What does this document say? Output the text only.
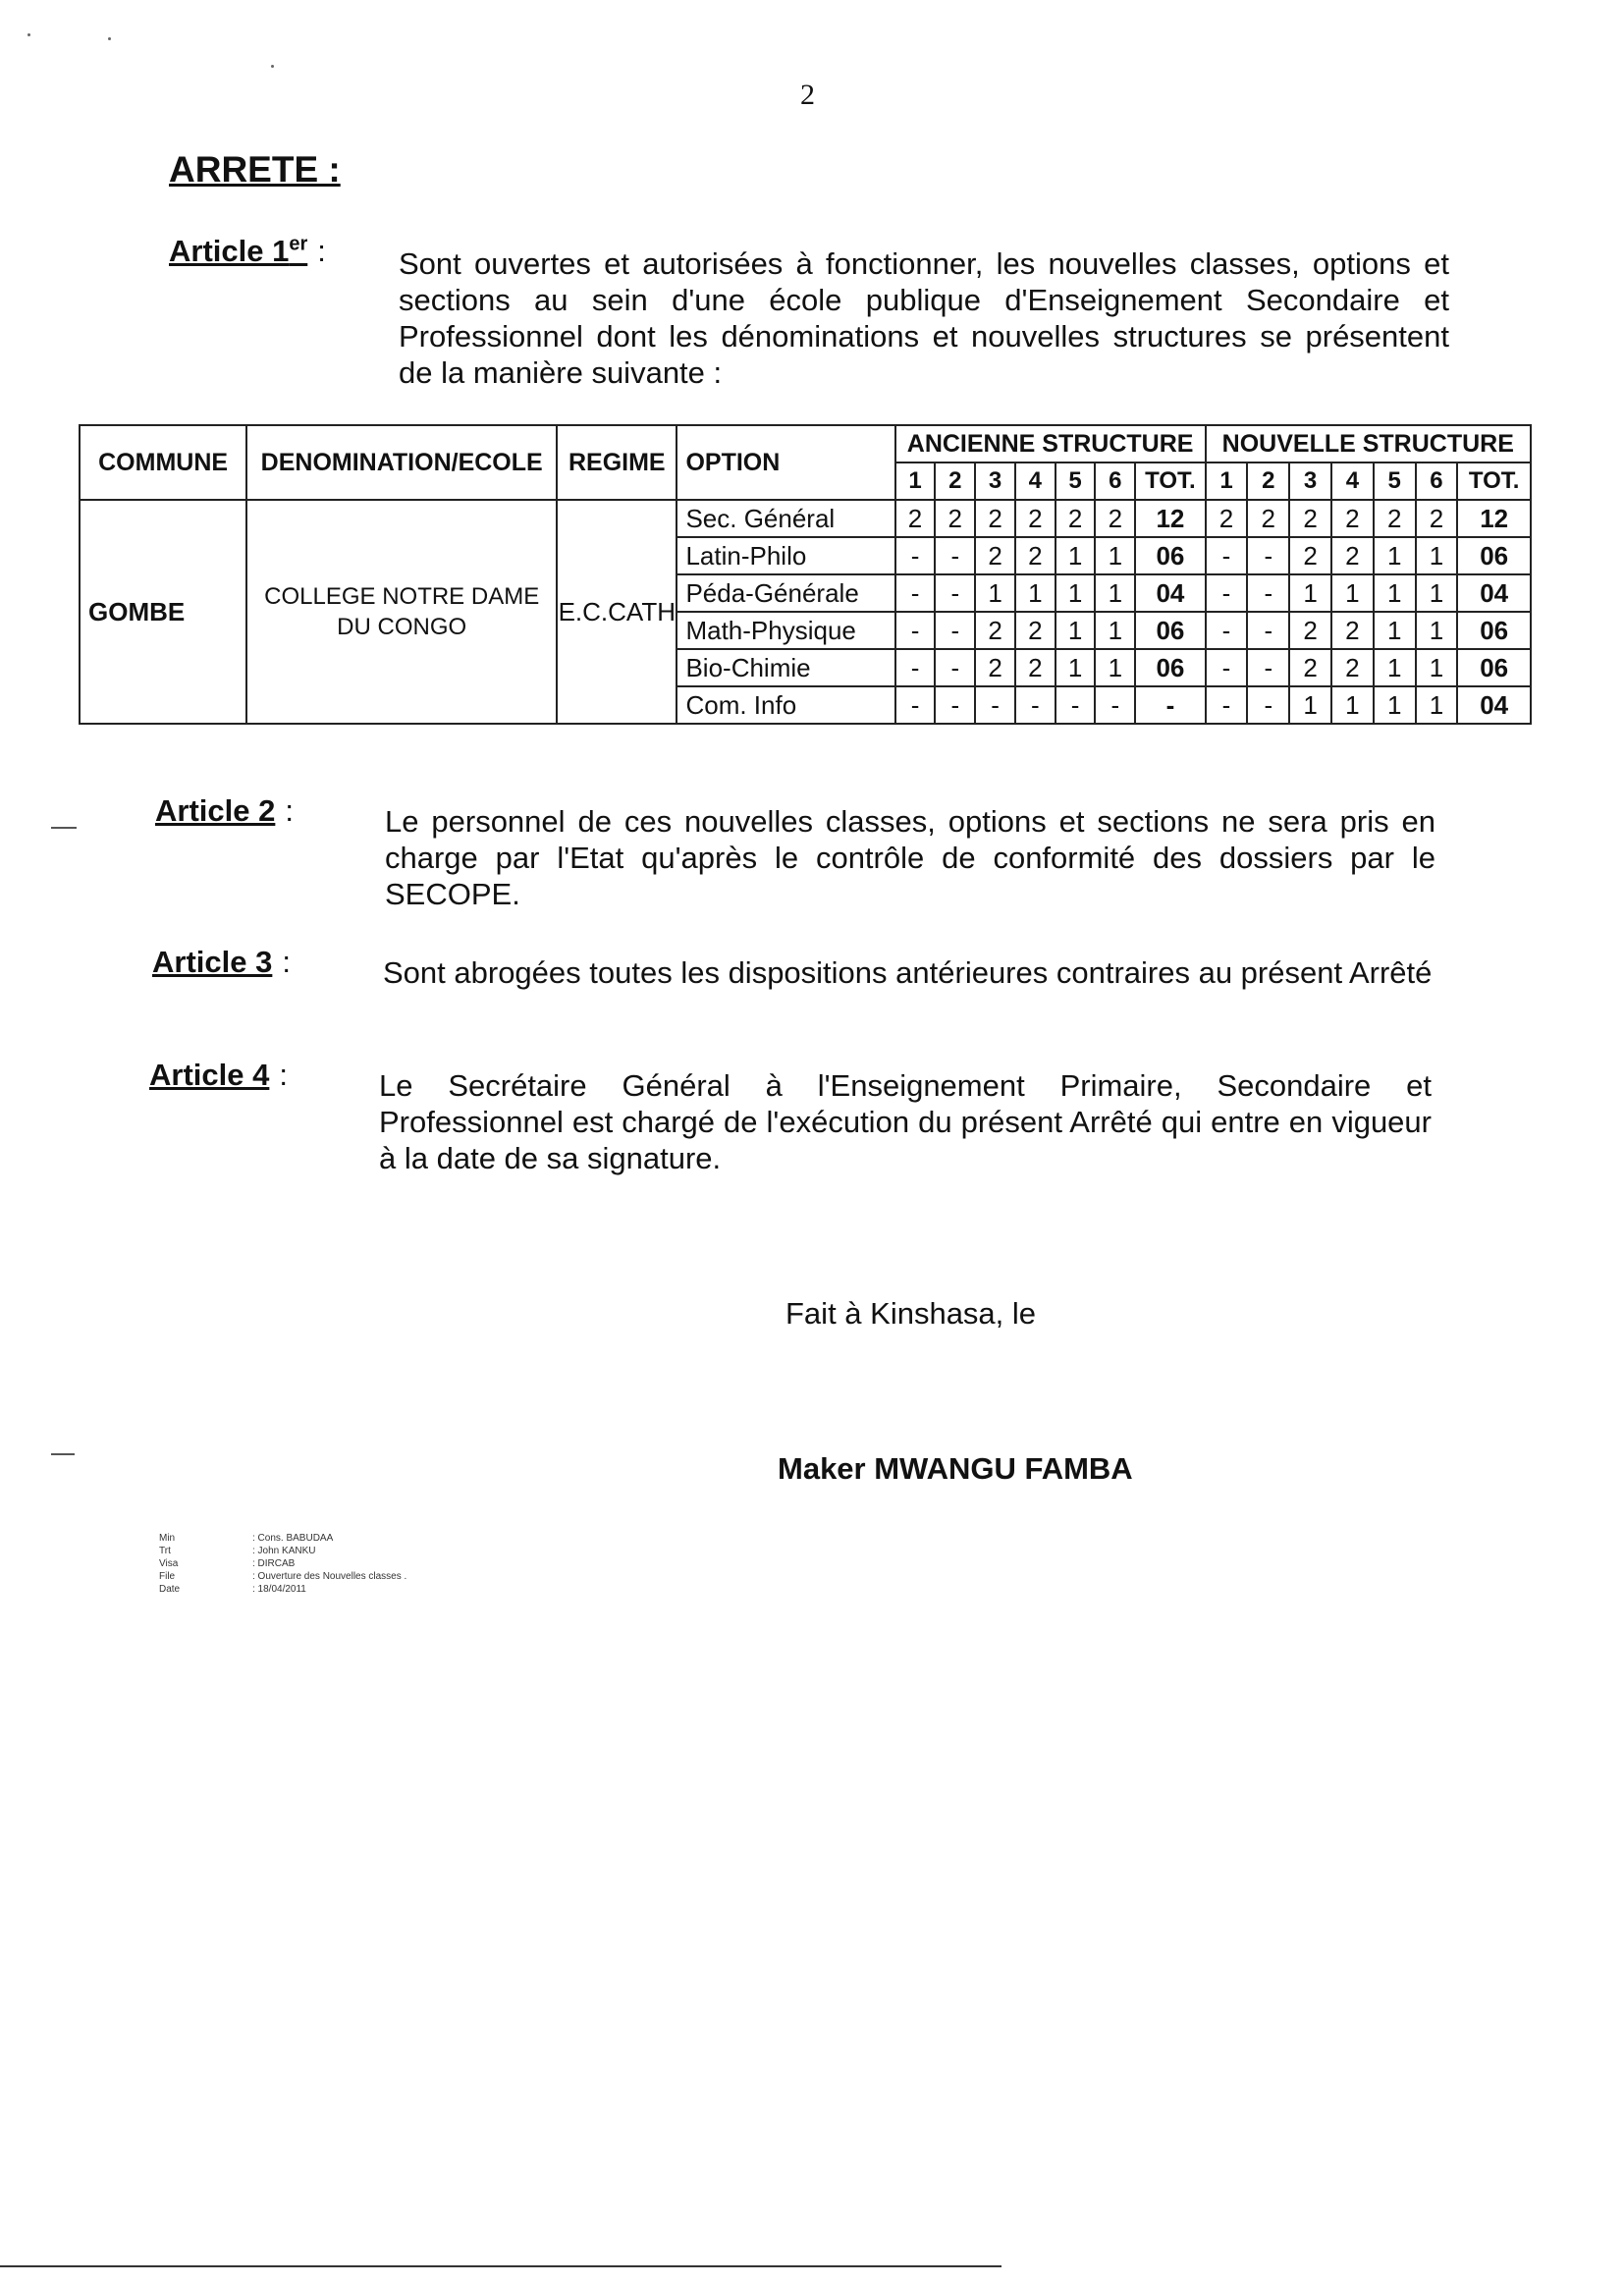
2
ARRETE :
Article 1er : Sont ouvertes et autorisées à fonctionner, les nouvelles classes, options et sections au sein d'une école publique d'Enseignement Secondaire et Professionnel dont les dénominations et nouvelles structures se présentent de la manière suivante :
COMMUNE	DENOMINATION/ECOLE	REGIME	OPTION	ANCIENNE STRUCTURE							NOUVELLE STRUCTURE						
				1	2	3	4	5	6	TOT.	1	2	3	4	5	6	TOT.
GOMBE	COLLEGE NOTRE DAME DU CONGO	E.C.CATH	Sec. Général	2	2	2	2	2	2	12	2	2	2	2	2	2	12
			Latin-Philo	-	-	2	2	1	1	06	-	-	2	2	1	1	06
			Péda-Générale	-	-	1	1	1	1	04	-	-	1	1	1	1	04
			Math-Physique	-	-	2	2	1	1	06	-	-	2	2	1	1	06
			Bio-Chimie	-	-	2	2	1	1	06	-	-	2	2	1	1	06
			Com. Info	-	-	-	-	-	-	-	-	-	1	1	1	1	04
Article 2 :	Le personnel de ces nouvelles classes, options et sections ne sera pris en charge par l'Etat qu'après le contrôle de conformité des dossiers par le SECOPE.
Article 3 :	Sont abrogées toutes les dispositions antérieures contraires au présent Arrêté
Article 4 :	Le Secrétaire Général à l'Enseignement Primaire, Secondaire et Professionnel est chargé de l'exécution du présent Arrêté qui entre en vigueur à la date de sa signature.
Fait à Kinshasa, le
Maker MWANGU FAMBA
Min	: Cons. BABUDAA
Trt	: John KANKU
Visa	: DIRCAB
File	: Ouverture des Nouvelles classes .
Date	: 18/04/2011
